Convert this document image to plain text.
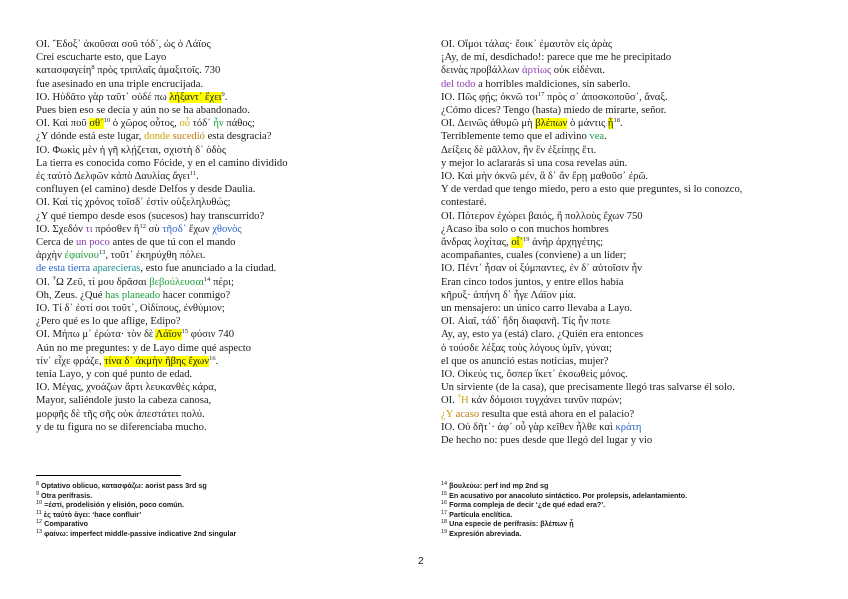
OI. ῎Εδοξ᾽ ἀκοῦσαι σοῦ τόδ᾽, ὡς ὁ Λάϊος
Creí escucharte esto, que Layo
κατασφαγείη$^8$ πρὸς τριπλαῖς ἁμαξιτοῖς. 730
fue asesinado en una triple encrucijada.
IO. Ηὐδᾶτο γὰρ ταῦτ᾽ οὐδέ πω λήξαντ᾽ ἔχει$^9$.
Pues bien eso se decía y aún no se ha abandonado.
OI. Καὶ ποῦ σθ᾽$^{10}$ ὁ χῶρος οὗτος, οὗ τόδ᾽ ἦν πάθος;
¿Y dónde está este lugar, donde sucedió esta desgracia?
IO. Φωκὶς μὲν ἡ γῆ κλῄζεται, σχιστὴ δ᾽ ὁδὸς
La tierra es conocida como Fócide, y en el camino dividido
ἐς ταὐτὸ Δελφῶν κἀπὸ Δαυλίας ἄγει$^{11}$.
confluyen (el camino) desde Delfos y desde Daulia.
OI. Καὶ τίς χρόνος τοῖσδ᾽ ἐστὶν οὑξεληλυθώς;
¿Y qué tiempo desde esos (sucesos) hay transcurrido?
IO. Σχεδόν τι πρόσθεν ἢ$^{12}$ σὺ τῆσδ᾽ ἔχων χθονὸς
Cerca de un poco antes de que tú con el mando
ἀρχὴν ἐφαίνου$^{13}$, τοῦτ᾽ ἐκηρύχθη πόλει.
de esta tierra aparecieras, esto fue anunciado a la ciudad.
OI. ῏Ω Ζεῦ, τί μου δρᾶσαι βεβούλευσαι$^{14}$ πέρι;
Oh, Zeus. ¿Qué has planeado hacer conmigo?
IO. Τί δ᾽ ἐστί σοι τοῦτ᾽, Οἰδίπους, ἐνθύμιον;
¿Pero qué es lo que aflige, Edipo?
OI. Μήπω μ᾽ ἐρώτα· τὸν δὲ Λάϊον$^{15}$ φύσιν 740
Aún no me preguntes: y de Layo dime qué aspecto
τίν᾽ εἶχε φράζε, τίνα δ᾽ ἀκμὴν ἥβης ἔχων$^{16}$.
tenía Layo, y con qué punto de edad.
IO. Μέγας, χνοάζων ἄρτι λευκανθὲς κάρα,
Mayor, saliéndole justo la cabeza canosa,
μορφῆς δὲ τῆς σῆς οὐκ ἀπεστάτει πολύ.
y de tu figura no se diferenciaba mucho.
OI. Οἴμοι τάλας· ἔοικ᾽ ἐμαυτὸν εἰς ἀρὰς
¡Ay, de mí, desdichado!: parece que me he precipitado
δεινὰς προβάλλων ἀρτίως οὐκ εἰδέναι.
del todo a horribles maldiciones, sin saberlo.
IO. Πῶς φῄς; ὀκνῶ τοι$^{17}$ πρὸς σ᾽ ἀποσκοποῦσ᾽, ἄναξ.
¿Cómo dices? Tengo (hasta) miedo de mirarte, señor.
OI. Δεινῶς ἀθυμῶ μὴ βλέπων ὁ μάντις ᾖ$^{18}$.
Terriblemente temo que el adivino vea.
Δείξεις δὲ μᾶλλον, ἢν ἓν ἐξείπῃς ἔτι.
y mejor lo aclararás si una cosa revelas aún.
IO. Καὶ μὴν ὀκνῶ μέν, ἃ δ᾽ ἂν ἔρῃ μαθοῦσ᾽ ἐρῶ.
Y de verdad que tengo miedo, pero a esto que preguntes, si lo conozco,
contestaré.
OI. Πότερον ἐχώρει βαιός, ἢ πολλοὺς ἔχων 750
¿Acaso iba solo o con muchos hombres
ἄνδρας λοχίτας, οἷ᾽$^{19}$ ἀνὴρ ἀρχηγέτης;
acompañantes, cuales (conviene) a un líder;
IO. Πέντ᾽ ἦσαν οἱ ξύμπαντες, ἐν δ᾽ αὐτοῖσιν ἦν
Eran cinco todos juntos, y entre ellos había
κῆρυξ· ἀπήνη δ᾽ ἦγε Λάϊον μία.
un mensajero: un único carro llevaba a Layo.
OI. Αἰαῖ, τάδ᾽ ἤδη διαφανῆ. Τίς ἦν ποτε
Ay, ay, esto ya (está) claro. ¿Quién era entonces
ὁ τούσδε λέξας τοὺς λόγους ὑμῖν, γύναι;
el que os anunció estas noticias, mujer?
IO. Οἰκεύς τις, ὅσπερ ἵκετ᾽ ἐκσωθεὶς μόνος.
Un sirviente (de la casa), que precisamente llegó tras salvarse él solo.
OI. ῏Η κἀν δόμοισι τυγχάνει τανῦν παρών;
¿Y acaso resulta que está ahora en el palacio?
IO. Οὐ δῆτ᾽· ἀφ᾽ οὗ γὰρ κεῖθεν ἦλθε καὶ κράτη
De hecho no: pues desde que llegó del lugar y vio
$^8$ Optativo oblicuo, κατασφάζω: aorist pass 3rd sg
$^9$ Otra perífrasis.
$^{10}$ =ἐστί, prodelisión y elisión, poco común.
$^{11}$ ἐς ταὐτὸ ἄγει: ‘hace confluir’
$^{12}$ Comparativo
$^{13}$ φαίνω: imperfect middle-passive indicative 2nd singular
$^{14}$ βουλεύω: perf ind mp 2nd sg
$^{15}$ En acusativo por anacoluto sintáctico. Por prolepsis, adelantamiento.
$^{16}$ Forma compleja de decir ‘¿de qué edad era?’.
$^{17}$ Partícula enclítica.
$^{18}$ Una especie de perífrasis: βλέπων ᾖ
$^{19}$ Expresión abreviada.
2
